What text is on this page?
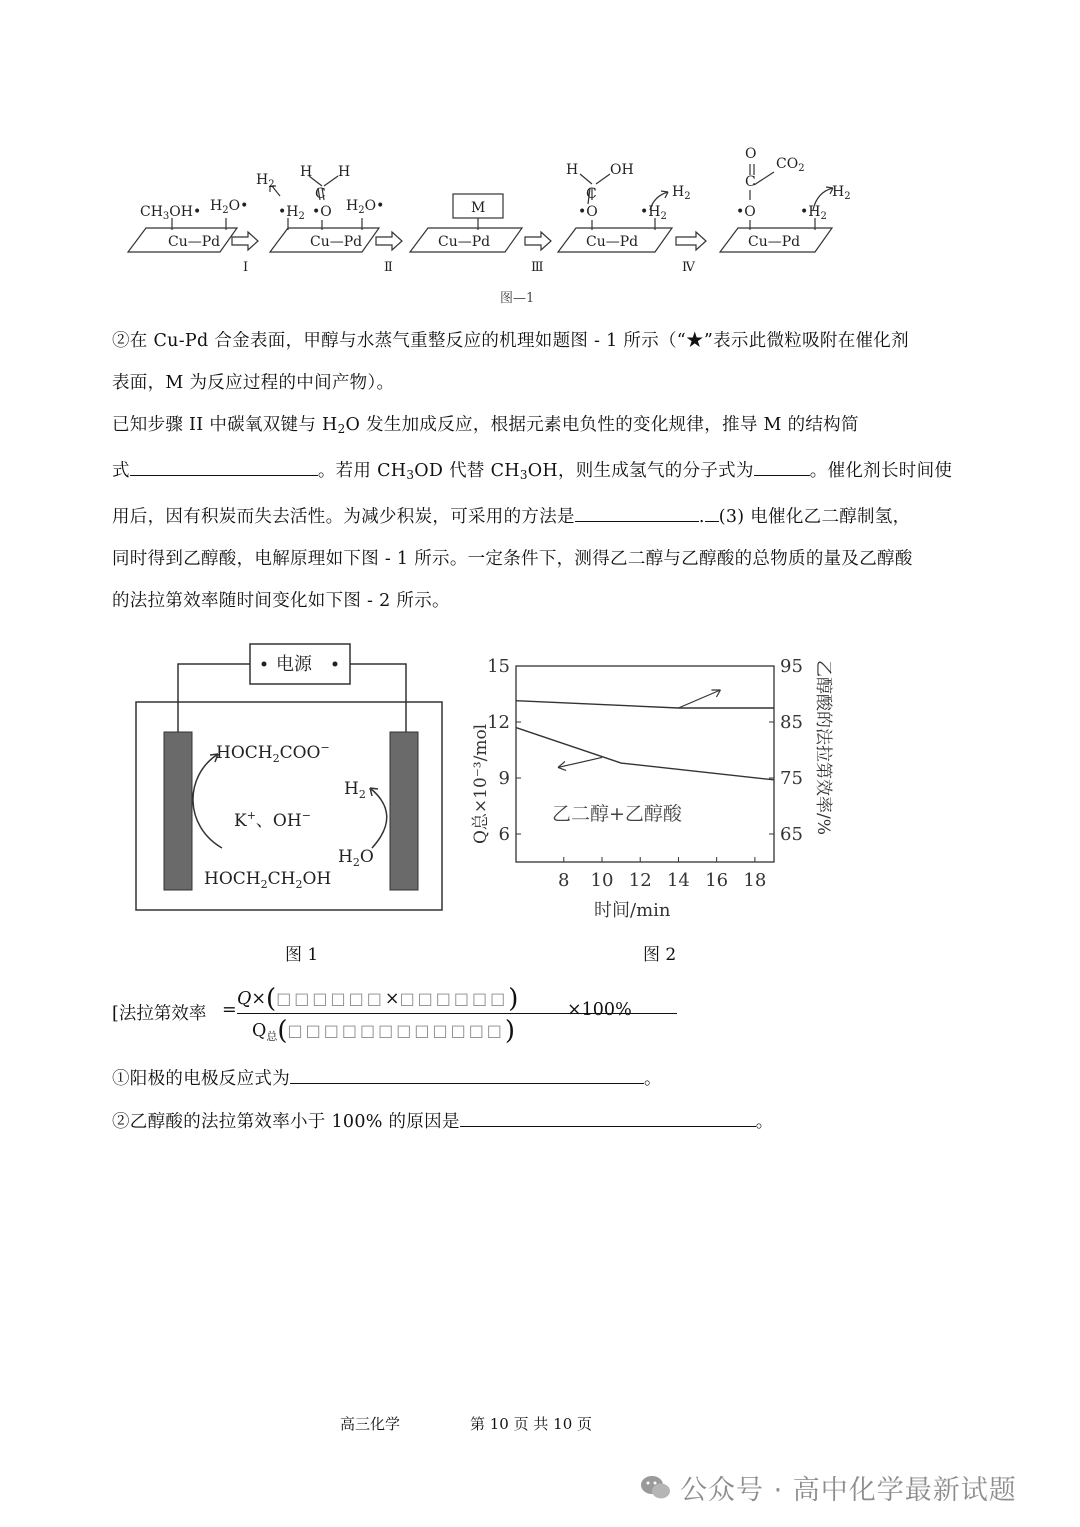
$CH_3OH•$ $H_2O•$
Cu—Pd	Cu—Pd	Cu—Pd	Cu—Pd	Cu—Pd
$H_2$
$•H_2$ •O
C
H H
$H_2O•$	M
H OH
C
•O	$•H_2$
$H_2$
O
C
•O
$CO_2$
$•H_2$
$H_2$
I	Ⅱ	Ⅲ	Ⅳ
图—1
②在 Cu-Pd 合金表面，甲醇与水蒸气重整反应的机理如题图 - 1 所示（“★”表示此微粒吸附在催化剂
表面，M 为反应过程的中间产物）。
已知步骤 II 中碳氧双键与 $H_2O$ 发生加成反应，根据元素电负性的变化规律，推导 M 的结构简
式	。若用 $CH_3OD$ 代替 $CH_3OH$，则生成氢气的分子式为	。催化剂长时间使
用后，因有积炭而失去活性。为减少积炭，可采用的方法是	. (3) 电催化乙二醇制氢，
同时得到乙醇酸，电解原理如下图 - 1 所示。一定条件下，测得乙二醇与乙醇酸的总物质的量及乙醇酸
的法拉第效率随时间变化如下图 - 2 所示。
电源
$HOCH_2COO^-$
K+、OH−
$H_2$
$H_2O$
$HOCH_2CH_2OH$
图 1
8 10 12 14 16 18
15
12
9
6
95
85
75
65
时间/min
Q总×10⁻³/mol	乙醇酸的法拉第效率/%
乙二醇+乙醇酸
图 2
[法拉第效率 =
Q×(□□□□□□×□□□□□□)
$Q_总(□□□□□□□□□□□□)$
×100%
①阳极的电极反应式为	。
②乙醇酸的法拉第效率小于 100% 的原因是	。
高三化学	第 10 页 共 10 页
公众号 · 高中化学最新试题
